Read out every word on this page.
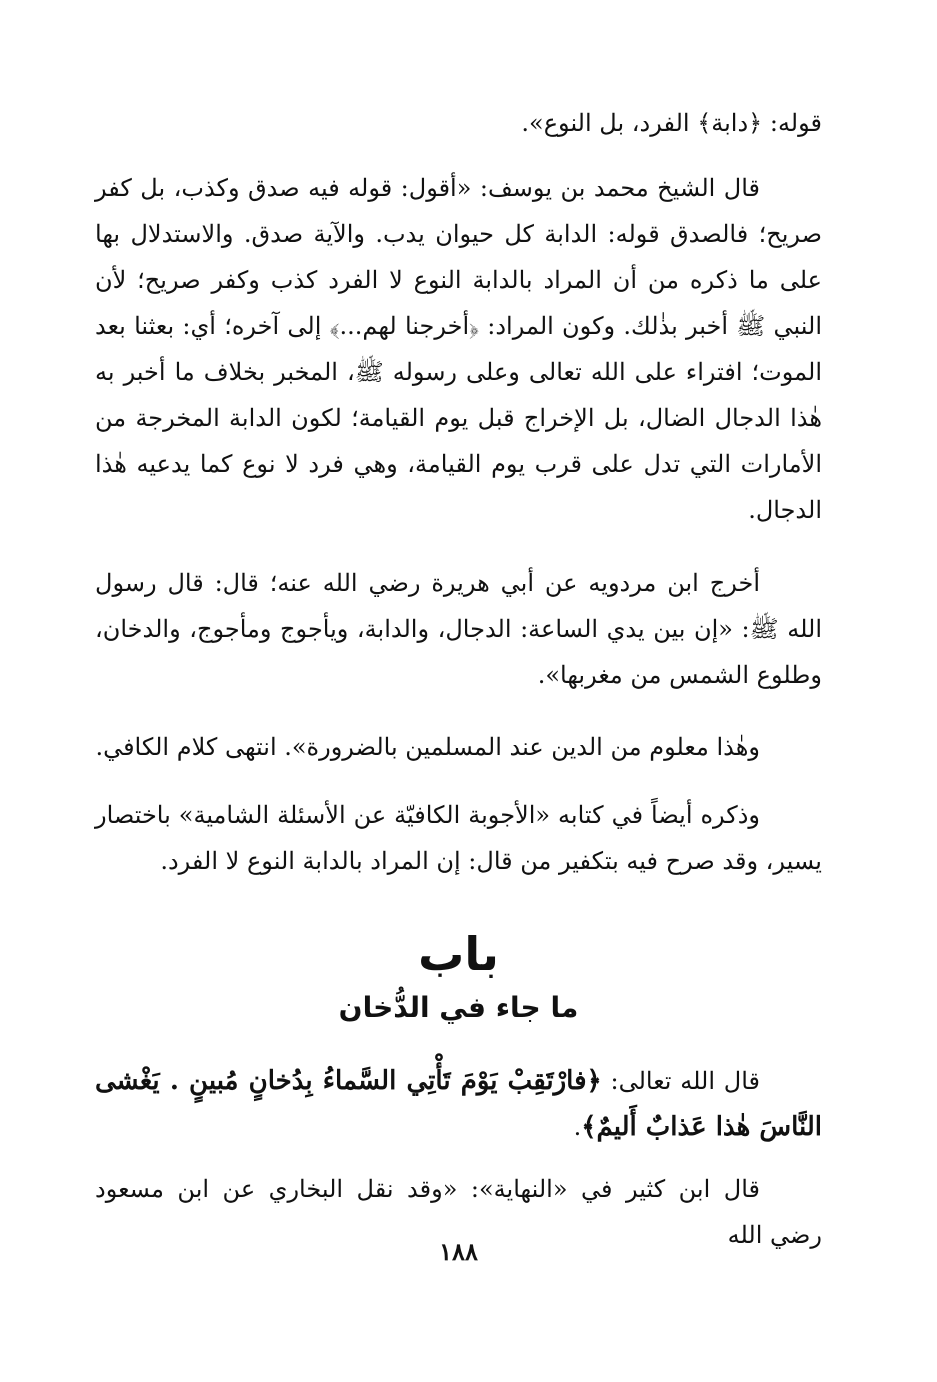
قوله: ﴿دابة﴾ الفرد، بل النوع».

قال الشيخ محمد بن يوسف: «أقول: قوله فيه صدق وكذب، بل كفر صريح؛ فالصدق قوله: الدابة كل حيوان يدب. والآية صدق. والاستدلال بها على ما ذكره من أن المراد بالدابة النوع لا الفرد كذب وكفر صريح؛ لأن النبي ﷺ أخبر بذٰلك. وكون المراد: ﴿أخرجنا لهم...﴾ إلى آخره؛ أي: بعثنا بعد الموت؛ افتراء على الله تعالى وعلى رسوله ﷺ، المخبر بخلاف ما أخبر به هٰذا الدجال الضال، بل الإخراج قبل يوم القيامة؛ لكون الدابة المخرجة من الأمارات التي تدل على قرب يوم القيامة، وهي فرد لا نوع كما يدعيه هٰذا الدجال.

أخرج ابن مردويه عن أبي هريرة رضي الله عنه؛ قال: قال رسول الله ﷺ: «إن بين يدي الساعة: الدجال، والدابة، ويأجوج ومأجوج، والدخان، وطلوع الشمس من مغربها».

وهٰذا معلوم من الدين عند المسلمين بالضرورة». انتهى كلام الكافي.

وذكره أيضاً في كتابه «الأجوبة الكافيّة عن الأسئلة الشامية» باختصار يسير، وقد صرح فيه بتكفير من قال: إن المراد بالدابة النوع لا الفرد.

باب
ما جاء في الدُّخان

قال الله تعالى: ﴿فارْتَقِبْ يَوْمَ تَأْتِي السَّماءُ بِدُخانٍ مُبينٍ . يَغْشى النَّاسَ هٰذا عَذابٌ أَليمٌ﴾.

قال ابن كثير في «النهاية»: «وقد نقل البخاري عن ابن مسعود رضي الله

١٨٨
